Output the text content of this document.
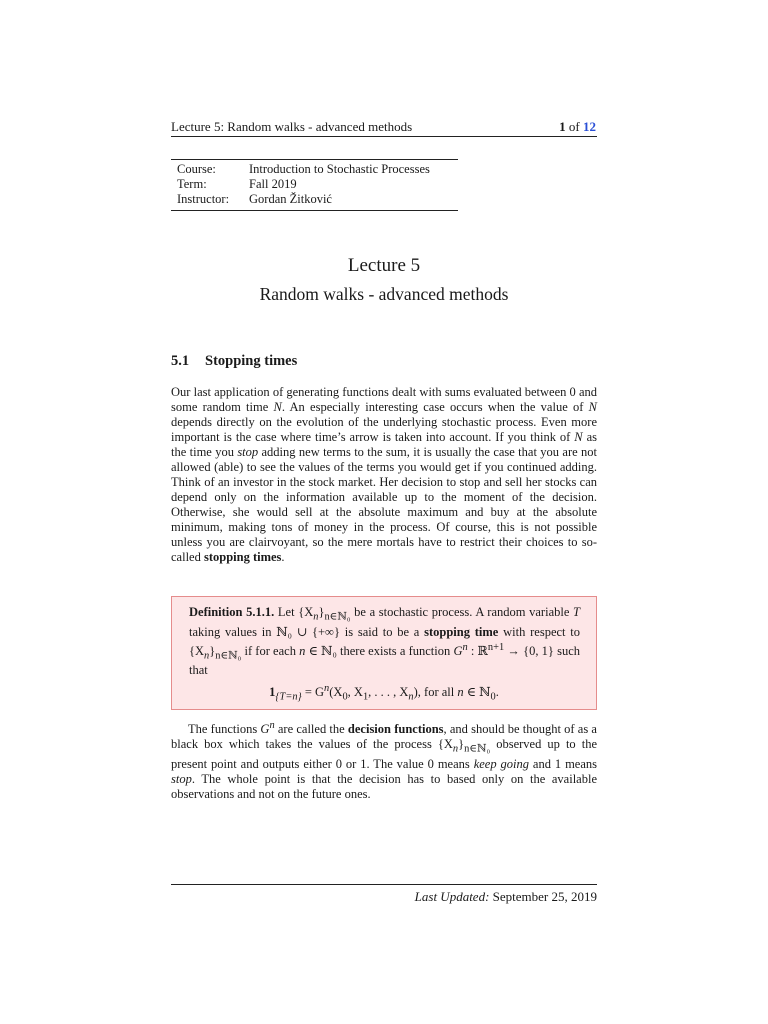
Lecture 5: Random walks - advanced methods	1 of 12
Course:	Introduction to Stochastic Processes
Term:	Fall 2019
Instructor:	Gordan Žitković
Lecture 5
Random walks - advanced methods
5.1 Stopping times
Our last application of generating functions dealt with sums evaluated between 0 and some random time N. An especially interesting case occurs when the value of N depends directly on the evolution of the underlying stochastic process. Even more important is the case where time’s arrow is taken into account. If you think of N as the time you stop adding new terms to the sum, it is usually the case that you are not allowed (able) to see the values of the terms you would get if you continued adding. Think of an investor in the stock market. Her decision to stop and sell her stocks can depend only on the information available up to the moment of the decision. Otherwise, she would sell at the absolute maximum and buy at the absolute minimum, making tons of money in the process. Of course, this is not possible unless you are clairvoyant, so the mere mortals have to restrict their choices to so-called stopping times.
Definition 5.1.1. Let $\{X_n\}_{n\in ℕ_0}$ be a stochastic process. A random variable T taking values in ℕ₀ ∪ {+∞} is said to be a stopping time with respect to $\{X_n\}_{n\in ℕ_0}$ if for each n ∈ ℕ₀ there exists a function $G^n$ : ℝ$^{n+1}$ → {0, 1} such that
$1_{\{T=n\}} = G^n(X_0$, $X_1$, . . . , $X_n$), for all n ∈ ℕ$_0$.
The functions $G^n$ are called the decision functions, and should be thought of as a black box which takes the values of the process $\{X_n\}_{n\in ℕ_0}$ observed up to the present point and outputs either 0 or 1. The value 0 means keep going and 1 means stop. The whole point is that the decision has to based only on the available observations and not on the future ones.
Last Updated: September 25, 2019
